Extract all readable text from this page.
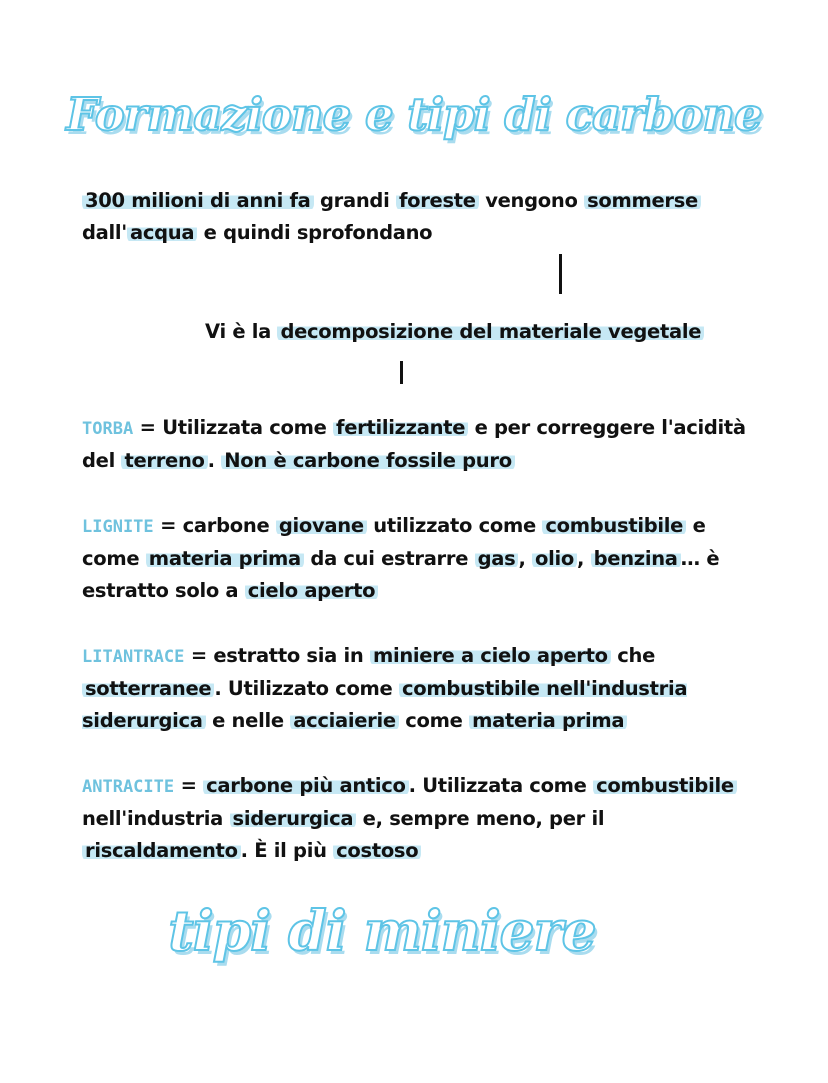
Formazione e tipi di carbone

300 milioni di anni fa grandi foreste vengono sommerse
dall' acqua e quindi sprofondano

Vi è la decomposizione del materiale vegetale

TORBA = Utilizzata come fertilizzante e per correggere l'acidità del terreno . Non è carbone fossile puro

LIGNITE = carbone giovane utilizzato come combustibile e come materia prima da cui estrarre gas , olio , benzina … è estratto solo a cielo aperto

LITANTRACE = estratto sia in miniere a cielo aperto che sotterranee . Utilizzato come combustibile nell'industria siderurgica e nelle acciaierie come materia prima

ANTRACITE = carbone più antico . Utilizzata come combustibile nell'industria siderurgica e, sempre meno, per il riscaldamento . È il più costoso

tipi di miniere
